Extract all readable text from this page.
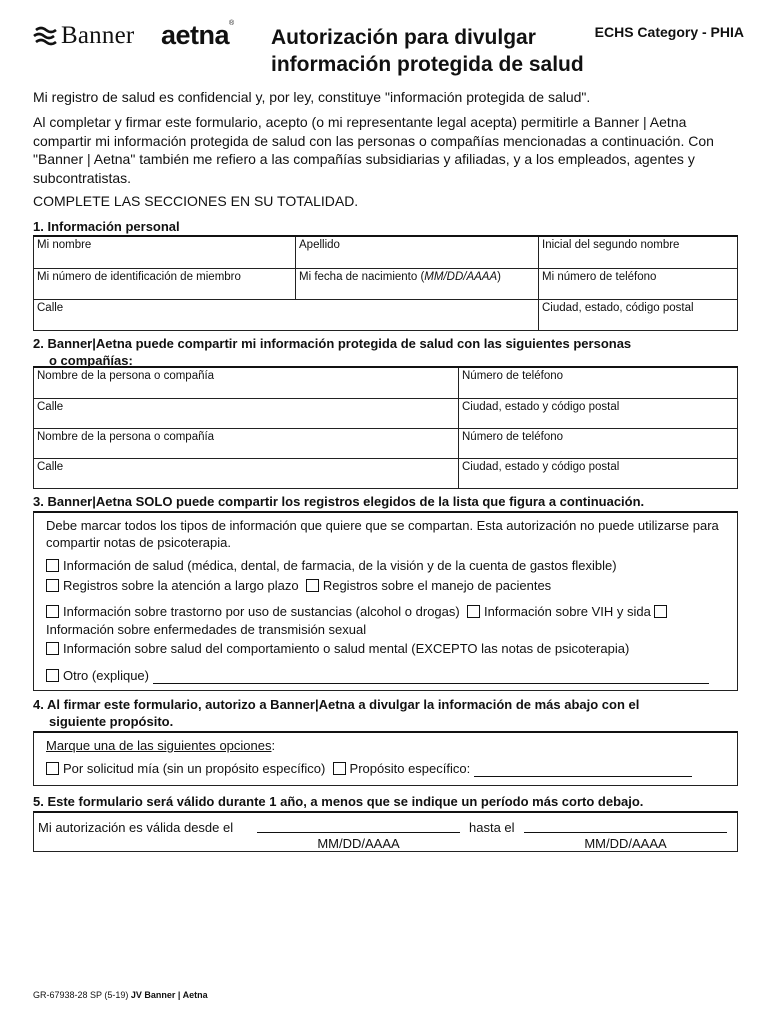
Banner aetna®
Autorización para divulgar información protegida de salud
ECHS Category - PHIA
Mi registro de salud es confidencial y, por ley, constituye "información protegida de salud".
Al completar y firmar este formulario, acepto (o mi representante legal acepta) permitirle a Banner | Aetna compartir mi información protegida de salud con las personas o compañías mencionadas a continuación. Con "Banner | Aetna" también me refiero a las compañías subsidiarias y afiliadas, y a los empleados, agentes y subcontratistas.
COMPLETE LAS SECCIONES EN SU TOTALIDAD.
1. Información personal
Mi nombre	Apellido	Inicial del segundo nombre
Mi número de identificación de miembro	Mi fecha de nacimiento (MM/DD/AAAA)	Mi número de teléfono
Calle		Ciudad, estado, código postal
2. Banner|Aetna puede compartir mi información protegida de salud con las siguientes personas
o compañías:
Nombre de la persona o compañía	Número de teléfono
Calle	Ciudad, estado y código postal
Nombre de la persona o compañía	Número de teléfono
Calle	Ciudad, estado y código postal
3. Banner|Aetna SOLO puede compartir los registros elegidos de la lista que figura a continuación.
Debe marcar todos los tipos de información que quiere que se compartan. Esta autorización no puede utilizarse para compartir notas de psicoterapia.
Información de salud (médica, dental, de farmacia, de la visión y de la cuenta de gastos flexible)
Registros sobre la atención a largo plazo Registros sobre el manejo de pacientes
Información sobre trastorno por uso de sustancias (alcohol o drogas) Información sobre VIH y sida
Información sobre enfermedades de transmisión sexual
Información sobre salud del comportamiento o salud mental (EXCEPTO las notas de psicoterapia)
Otro (explique)
4. Al firmar este formulario, autorizo a Banner|Aetna a divulgar la información de más abajo con el
siguiente propósito.
Marque una de las siguientes opciones:
Por solicitud mía (sin un propósito específico) Propósito específico:
5. Este formulario será válido durante 1 año, a menos que se indique un período más corto debajo.
Mi autorización es válida desde el	hasta el
MM/DD/AAAA	MM/DD/AAAA
GR-67938-28 SP (5-19) JV Banner | Aetna
